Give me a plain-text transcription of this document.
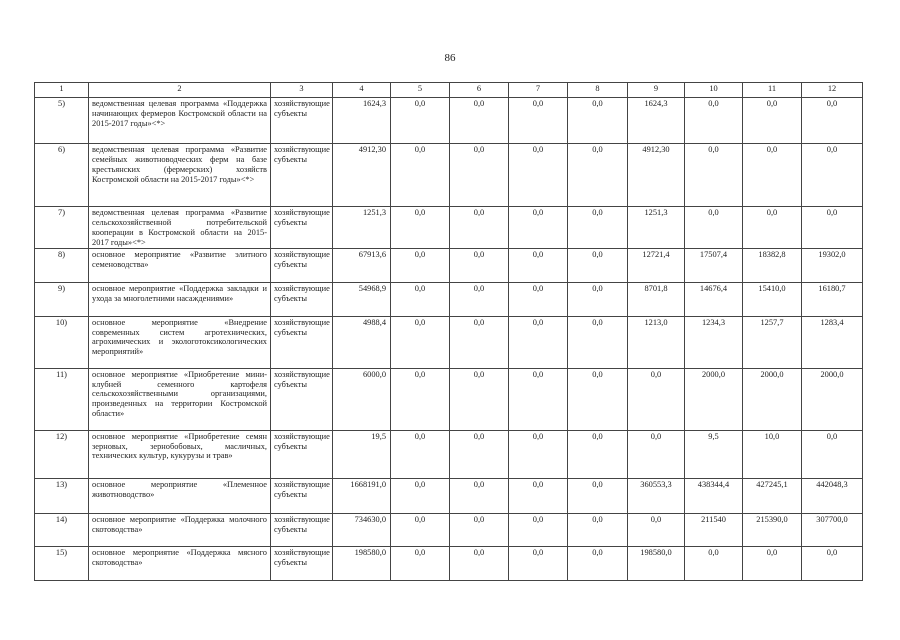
86
1	2	3	4	5	6	7	8	9	10	11	12
5)	ведомственная целевая программа «Поддержка начинающих фермеров Костромской области на 2015-2017 годы»<*>	хозяйствующие субъекты	1624,3	0,0	0,0	0,0	0,0	1624,3	0,0	0,0	0,0
6)	ведомственная целевая программа «Развитие семейных животноводческих ферм на базе крестьянских (фермерских) хозяйств Костромской области на 2015-2017 годы»<*>	хозяйствующие субъекты	4912,30	0,0	0,0	0,0	0,0	4912,30	0,0	0,0	0,0
7)	ведомственная целевая программа «Развитие сельскохозяйственной потребительской кооперации в Костромской области на 2015-2017 годы»<*>	хозяйствующие субъекты	1251,3	0,0	0,0	0,0	0,0	1251,3	0,0	0,0	0,0
8)	основное мероприятие «Развитие элитного семеноводства»	хозяйствующие субъекты	67913,6	0,0	0,0	0,0	0,0	12721,4	17507,4	18382,8	19302,0
9)	основное мероприятие «Поддержка закладки и ухода за многолетними насаждениями»	хозяйствующие субъекты	54968,9	0,0	0,0	0,0	0,0	8701,8	14676,4	15410,0	16180,7
10)	основное мероприятие «Внедрение современных систем агротехнических, агрохимических и экологотоксикологических мероприятий»	хозяйствующие субъекты	4988,4	0,0	0,0	0,0	0,0	1213,0	1234,3	1257,7	1283,4
11)	основное мероприятие «Приобретение мини-клубней семенного картофеля сельскохозяйственными организациями, произведенных на территории Костромской области»	хозяйствующие субъекты	6000,0	0,0	0,0	0,0	0,0	0,0	2000,0	2000,0	2000,0
12)	основное мероприятие «Приобретение семян зерновых, зернобобовых, масличных, технических культур, кукурузы и трав»	хозяйствующие субъекты	19,5	0,0	0,0	0,0	0,0	0,0	9,5	10,0	0,0
13)	основное мероприятие «Племенное животноводство»	хозяйствующие субъекты	1668191,0	0,0	0,0	0,0	0,0	360553,3	438344,4	427245,1	442048,3
14)	основное мероприятие «Поддержка молочного скотоводства»	хозяйствующие субъекты	734630,0	0,0	0,0	0,0	0,0	0,0	211540	215390,0	307700,0
15)	основное мероприятие «Поддержка мясного скотоводства»	хозяйствующие субъекты	198580,0	0,0	0,0	0,0	0,0	198580,0	0,0	0,0	0,0
